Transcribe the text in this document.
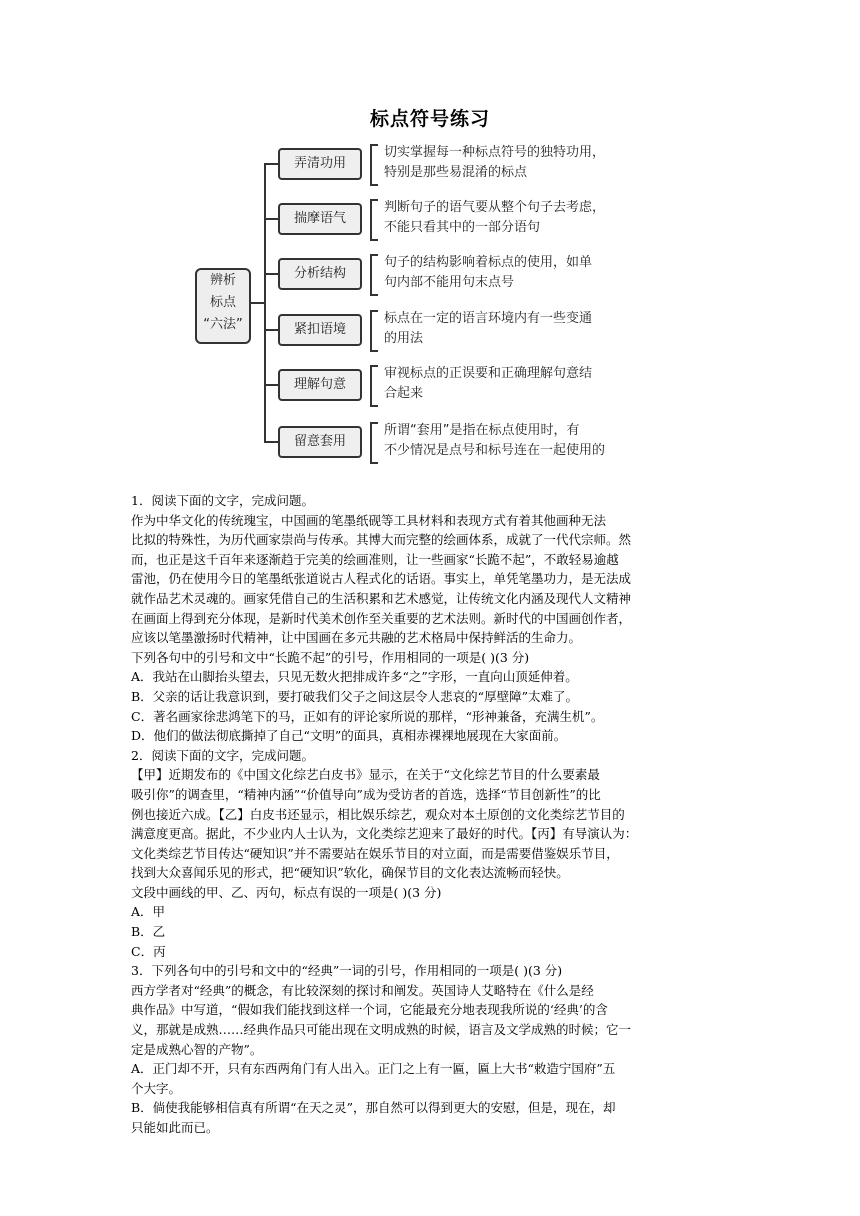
标点符号练习
辨析
标点
“六法”
弄清功用
切实掌握每一种标点符号的独特功用，
特别是那些易混淆的标点
揣摩语气
判断句子的语气要从整个句子去考虑，
不能只看其中的一部分语句
分析结构
句子的结构影响着标点的使用，如单
句内部不能用句末点号
紧扣语境
标点在一定的语言环境内有一些变通
的用法
理解句意
审视标点的正误要和正确理解句意结
合起来
留意套用
所谓“套用”是指在标点使用时，有
不少情况是点号和标号连在一起使用的
1．阅读下面的文字，完成问题。
作为中华文化的传统瑰宝，中国画的笔墨纸砚等工具材料和表现方式有着其他画种无法
比拟的特殊性，为历代画家崇尚与传承。其博大而完整的绘画体系，成就了一代代宗师。然
而，也正是这千百年来逐渐趋于完美的绘画准则，让一些画家“长跪不起”，不敢轻易逾越
雷池，仍在使用今日的笔墨纸张道说古人程式化的话语。事实上，单凭笔墨功力，是无法成
就作品艺术灵魂的。画家凭借自己的生活积累和艺术感觉，让传统文化内涵及现代人文精神
在画面上得到充分体现，是新时代美术创作至关重要的艺术法则。新时代的中国画创作者，
应该以笔墨激扬时代精神，让中国画在多元共融的艺术格局中保持鲜活的生命力。
下列各句中的引号和文中“长跪不起”的引号，作用相同的一项是( )(3 分)
A．我站在山脚抬头望去，只见无数火把排成许多“之”字形，一直向山顶延伸着。
B．父亲的话让我意识到，要打破我们父子之间这层令人悲哀的“厚壁障”太难了。
C．著名画家徐悲鸿笔下的马，正如有的评论家所说的那样，“形神兼备，充满生机”。
D．他们的做法彻底撕掉了自己“文明”的面具，真相赤裸裸地展现在大家面前。
2．阅读下面的文字，完成问题。
【甲】近期发布的《中国文化综艺白皮书》显示，在关于“文化综艺节目的什么要素最
吸引你”的调查里，“精神内涵”“价值导向”成为受访者的首选，选择“节目创新性”的比
例也接近六成。【乙】白皮书还显示，相比娱乐综艺，观众对本土原创的文化类综艺节目的
满意度更高。据此，不少业内人士认为，文化类综艺迎来了最好的时代。【丙】有导演认为：
文化类综艺节目传达“硬知识”并不需要站在娱乐节目的对立面，而是需要借鉴娱乐节目，
找到大众喜闻乐见的形式，把“硬知识”软化，确保节目的文化表达流畅而轻快。
文段中画线的甲、乙、丙句，标点有误的一项是( )(3 分)
A．甲
B．乙
C．丙
3．下列各句中的引号和文中的“经典”一词的引号，作用相同的一项是( )(3 分)
西方学者对“经典”的概念，有比较深刻的探讨和阐发。英国诗人艾略特在《什么是经
典作品》中写道，“假如我们能找到这样一个词，它能最充分地表现我所说的‘经典’的含
义，那就是成熟……经典作品只可能出现在文明成熟的时候，语言及文学成熟的时候；它一
定是成熟心智的产物”。
A．正门却不开，只有东西两角门有人出入。正门之上有一匾，匾上大书“敕造宁国府”五
个大字。
B．倘使我能够相信真有所谓“在天之灵”，那自然可以得到更大的安慰，但是，现在，却
只能如此而已。
